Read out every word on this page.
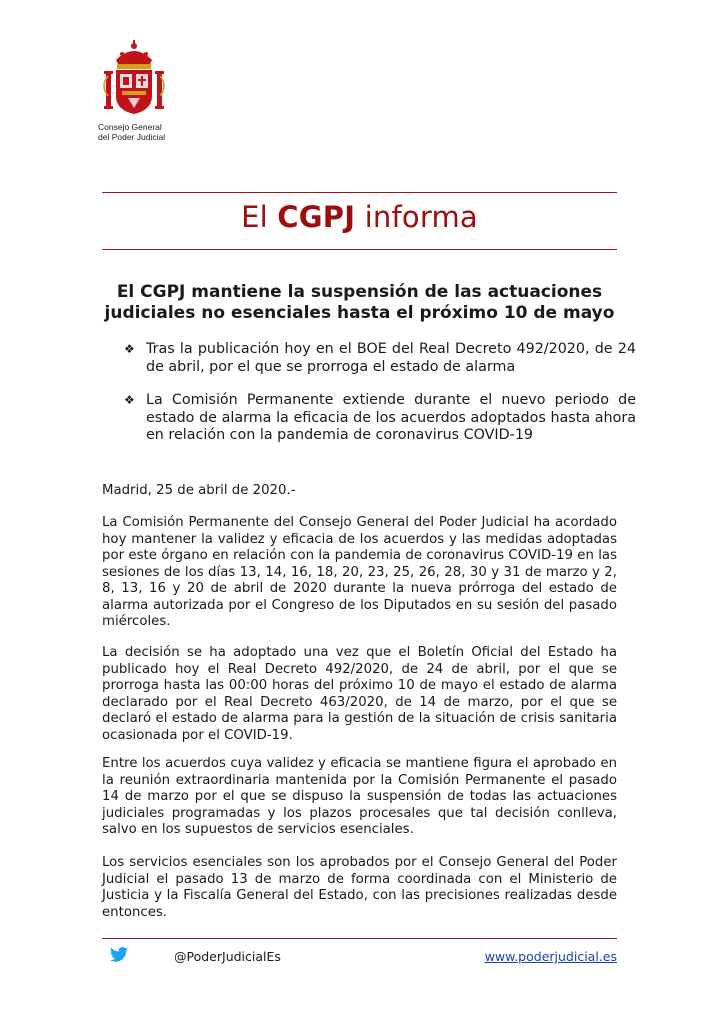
Consejo General
del Poder Judicial
El CGPJ informa
El CGPJ mantiene la suspensión de las actuaciones
judiciales no esenciales hasta el próximo 10 de mayo
❖ Tras la publicación hoy en el BOE del Real Decreto 492/2020, de 24 de abril, por el que se prorroga el estado de alarma
❖ La Comisión Permanente extiende durante el nuevo periodo de estado de alarma la eficacia de los acuerdos adoptados hasta ahora en relación con la pandemia de coronavirus COVID-19
Madrid, 25 de abril de 2020.-
La Comisión Permanente del Consejo General del Poder Judicial ha acordado hoy mantener la validez y eficacia de los acuerdos y las medidas adoptadas por este órgano en relación con la pandemia de coronavirus COVID-19 en las sesiones de los días 13, 14, 16, 18, 20, 23, 25, 26, 28, 30 y 31 de marzo y 2, 8, 13, 16 y 20 de abril de 2020 durante la nueva prórroga del estado de alarma autorizada por el Congreso de los Diputados en su sesión del pasado miércoles.
La decisión se ha adoptado una vez que el Boletín Oficial del Estado ha publicado hoy el Real Decreto 492/2020, de 24 de abril, por el que se prorroga hasta las 00:00 horas del próximo 10 de mayo el estado de alarma declarado por el Real Decreto 463/2020, de 14 de marzo, por el que se declaró el estado de alarma para la gestión de la situación de crisis sanitaria ocasionada por el COVID-19.
Entre los acuerdos cuya validez y eficacia se mantiene figura el aprobado en la reunión extraordinaria mantenida por la Comisión Permanente el pasado 14 de marzo por el que se dispuso la suspensión de todas las actuaciones judiciales programadas y los plazos procesales que tal decisión conlleva, salvo en los supuestos de servicios esenciales.
Los servicios esenciales son los aprobados por el Consejo General del Poder Judicial el pasado 13 de marzo de forma coordinada con el Ministerio de Justicia y la Fiscalía General del Estado, con las precisiones realizadas desde entonces.
@PoderJudicialEs	www.poderjudicial.es
